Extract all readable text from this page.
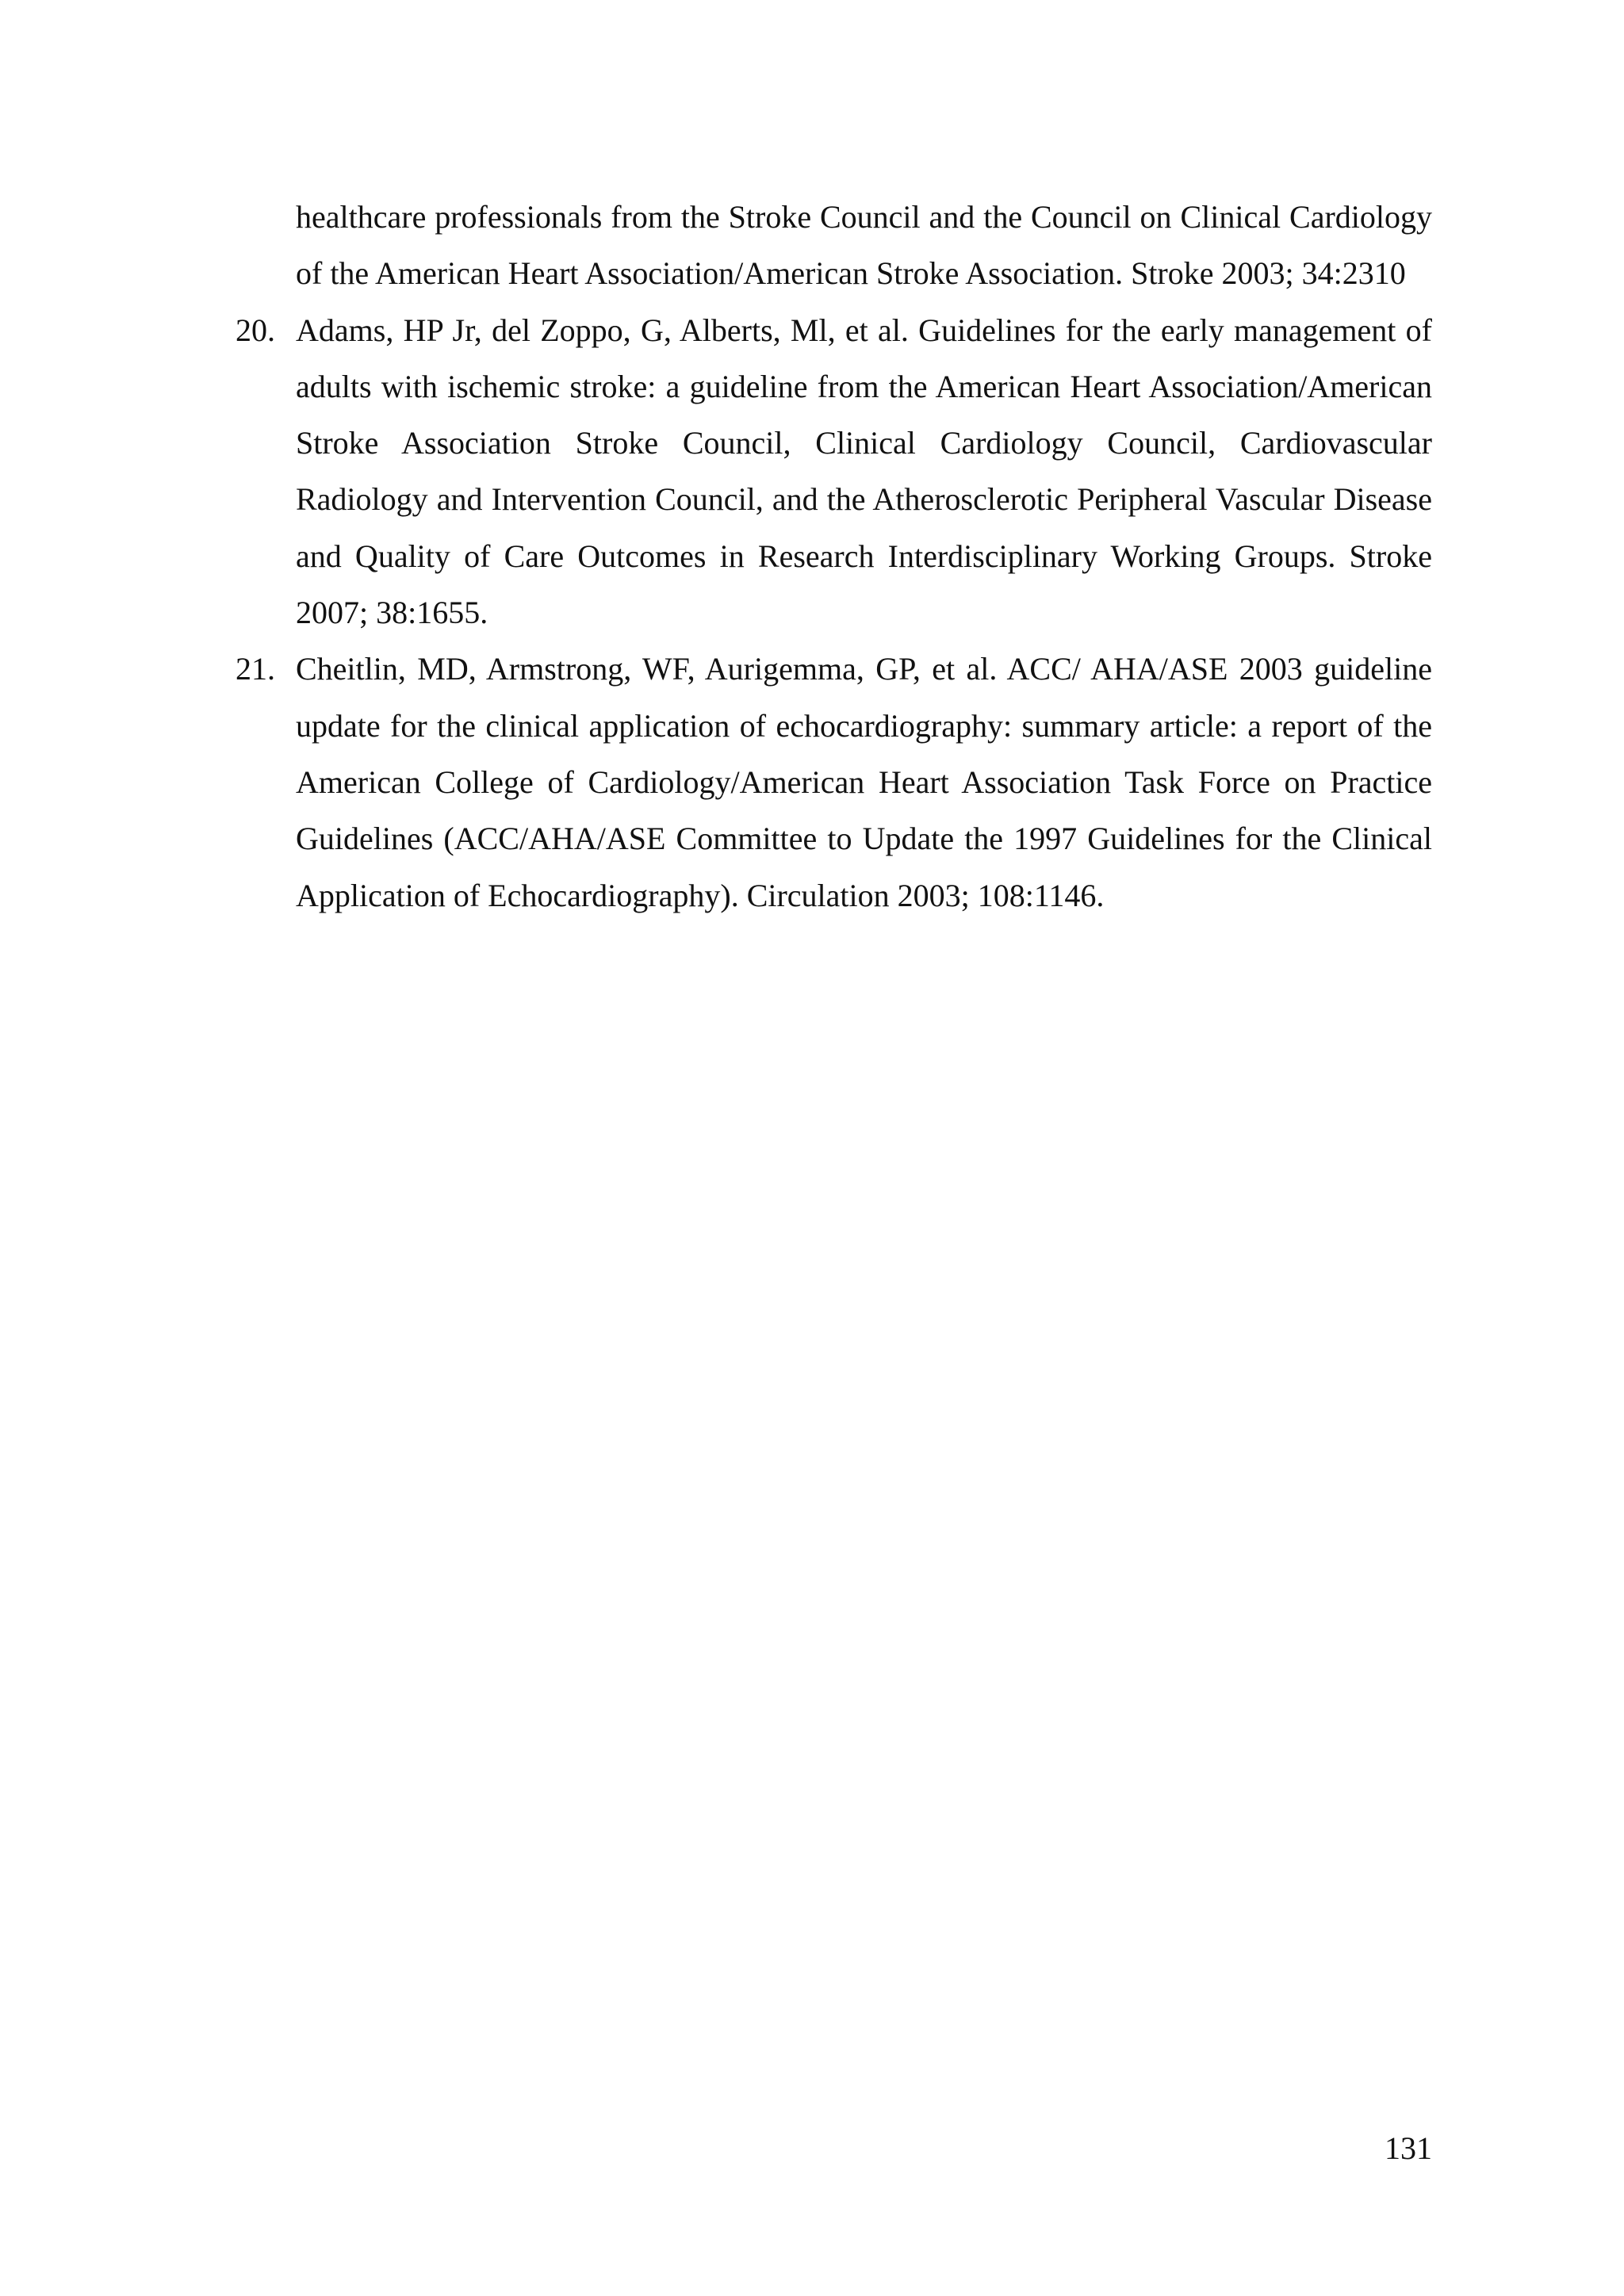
healthcare professionals from the Stroke Council and the Council on Clinical Cardiology of the American Heart Association/American Stroke Association. Stroke 2003; 34:2310
20. Adams, HP Jr, del Zoppo, G, Alberts, Ml, et al. Guidelines for the early management of adults with ischemic stroke: a guideline from the American Heart Association/American Stroke Association Stroke Council, Clinical Cardiology Council, Cardiovascular Radiology and Intervention Council, and the Atherosclerotic Peripheral Vascular Disease and Quality of Care Outcomes in Research Interdisciplinary Working Groups. Stroke 2007; 38:1655.
21. Cheitlin, MD, Armstrong, WF, Aurigemma, GP, et al. ACC/ AHA/ASE 2003 guideline update for the clinical application of echocardiography: summary article: a report of the American College of Cardiology/American Heart Association Task Force on Practice Guidelines (ACC/AHA/ASE Committee to Update the 1997 Guidelines for the Clinical Application of Echocardiography). Circulation 2003; 108:1146.
131
